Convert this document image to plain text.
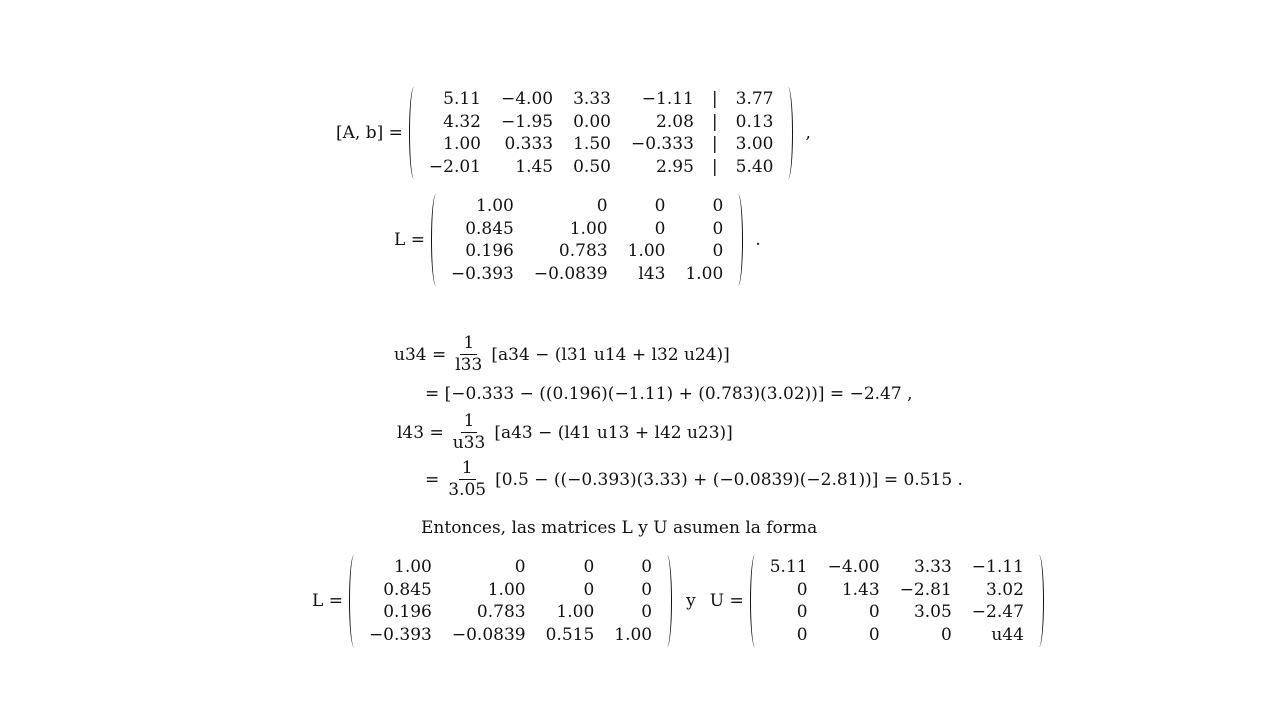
[A, b] =
5.11	−4.00	3.33	−1.11	|	3.77
4.32	−1.95	0.00	2.08	|	0.13
1.00	0.333	1.50	−0.333	|	3.00
−2.01	1.45	0.50	2.95	|	5.40
,
L =
1.00	0	0	0
0.845	1.00	0	0
0.196	0.783	1.00	0
−0.393	−0.0839	l43	1.00
.
$u34 = \frac{1}{l33} [a34 - (l31$ u14 + l32 u24)]
= [−0.333 − ((0.196)(−1.11) + (0.783)(3.02))] = −2.47 ,
$l43 = \frac{1}{u33} [a43 - (l41$ u13 + l42 u23)]
= $\frac{1}{3.05} [0.5 - ((-0.393)(3.33) + (-0.0839)(-2.81))] = 0.515$ .
Entonces, las matrices L y U asumen la forma
L =
1.00	0	0	0
0.845	1.00	0	0
0.196	0.783	1.00	0
−0.393	−0.0839	0.515	1.00
y U =
5.11	−4.00	3.33	−1.11
0	1.43	−2.81	3.02
0	0	3.05	−2.47
0	0	0	u44
